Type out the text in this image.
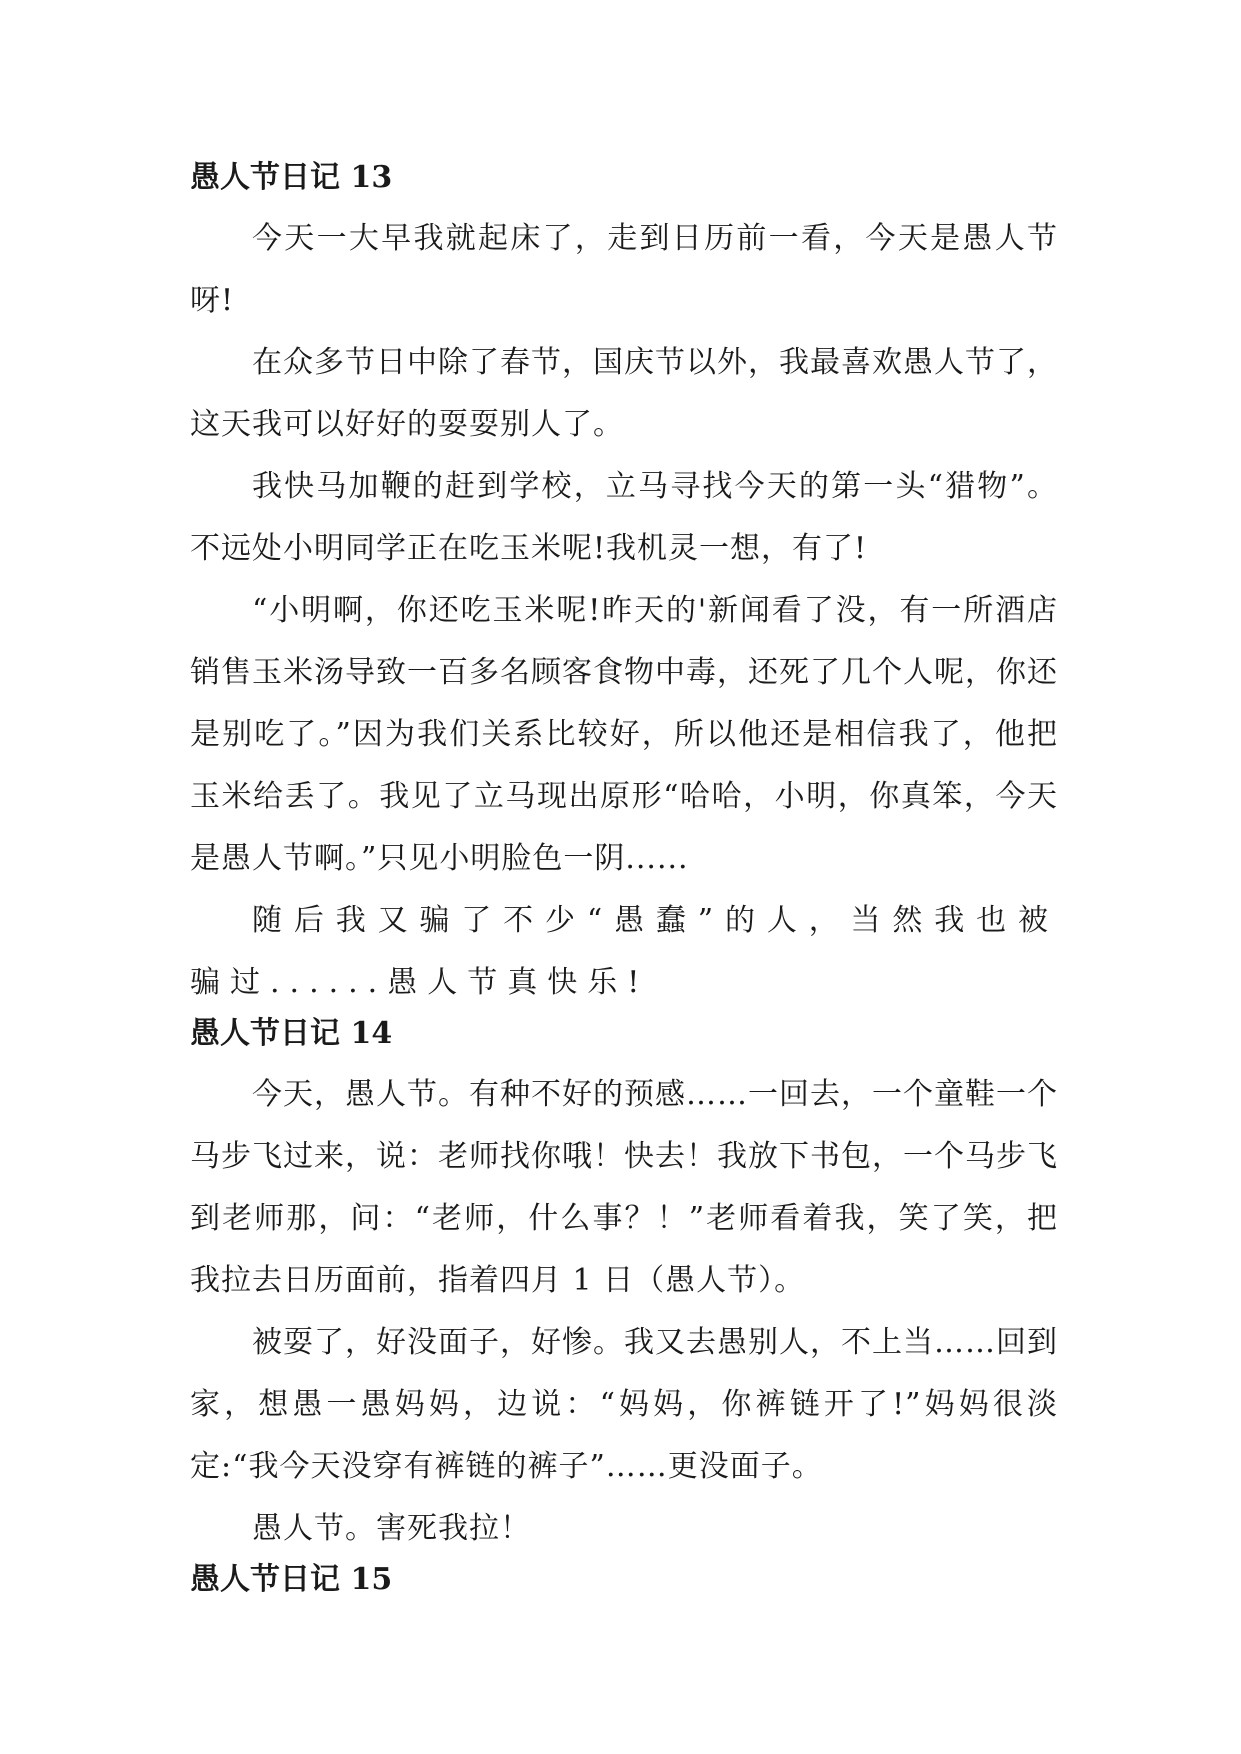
愚人节日记 13

今天一大早我就起床了，走到日历前一看，今天是愚人节呀!

在众多节日中除了春节，国庆节以外，我最喜欢愚人节了，这天我可以好好的耍耍别人了。

我快马加鞭的赶到学校，立马寻找今天的第一头“猎物”。不远处小明同学正在吃玉米呢!我机灵一想，有了!

“小明啊，你还吃玉米呢!昨天的'新闻看了没，有一所酒店销售玉米汤导致一百多名顾客食物中毒，还死了几个人呢，你还是别吃了。”因为我们关系比较好，所以他还是相信我了，他把玉米给丢了。我见了立马现出原形“哈哈，小明，你真笨，今天是愚人节啊。”只见小明脸色一阴......

随后我又骗了不少“愚蠢”的人，当然我也被骗过......愚人节真快乐!

愚人节日记 14

今天，愚人节。有种不好的预感……一回去，一个童鞋一个马步飞过来，说：老师找你哦！快去！我放下书包，一个马步飞到老师那，问：“老师，什么事？！”老师看着我，笑了笑，把我拉去日历面前，指着四月 1 日（愚人节）。

被耍了，好没面子，好惨。我又去愚别人，不上当……回到家，想愚一愚妈妈，边说：“妈妈，你裤链开了!”妈妈很淡定:“我今天没穿有裤链的裤子”……更没面子。

愚人节。害死我拉！

愚人节日记 15
